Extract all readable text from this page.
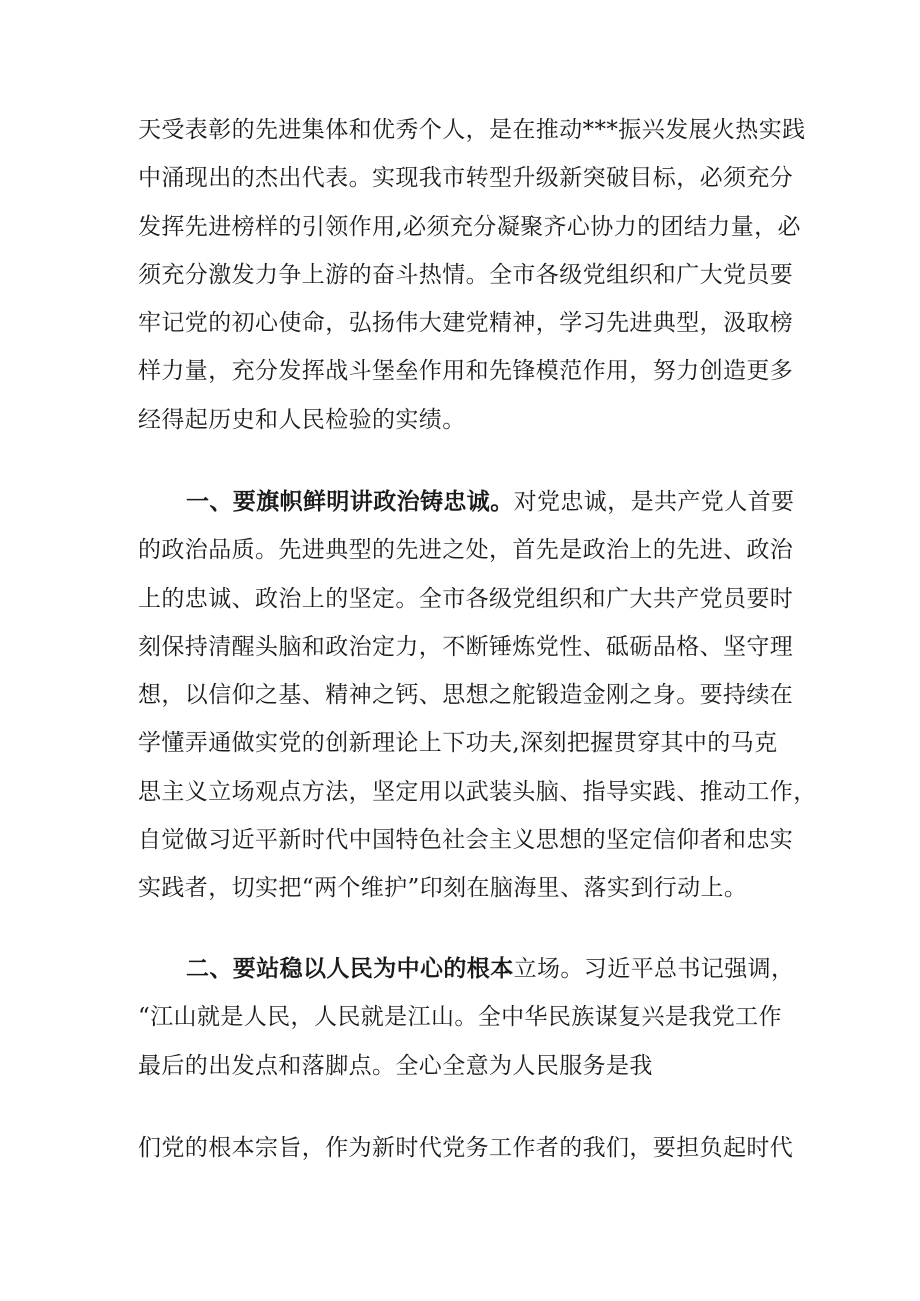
天受表彰的先进集体和优秀个人，是在推动***振兴发展火热实践
中涌现出的杰出代表。实现我市转型升级新突破目标，必须充分
发挥先进榜样的引领作用,必须充分凝聚齐心协力的团结力量，必
须充分激发力争上游的奋斗热情。全市各级党组织和广大党员要
牢记党的初心使命，弘扬伟大建党精神，学习先进典型，汲取榜
样力量，充分发挥战斗堡垒作用和先锋模范作用，努力创造更多
经得起历史和人民检验的实绩。
一、要旗帜鲜明讲政治铸忠诚。对党忠诚，是共产党人首要
的政治品质。先进典型的先进之处，首先是政治上的先进、政治
上的忠诚、政治上的坚定。全市各级党组织和广大共产党员要时
刻保持清醒头脑和政治定力，不断锤炼党性、砥砺品格、坚守理
想，以信仰之基、精神之钙、思想之舵锻造金刚之身。要持续在
学懂弄通做实党的创新理论上下功夫,深刻把握贯穿其中的马克
思主义立场观点方法，坚定用以武装头脑、指导实践、推动工作，
自觉做习近平新时代中国特色社会主义思想的坚定信仰者和忠实
实践者，切实把“两个维护”印刻在脑海里、落实到行动上。
二、要站稳以人民为中心的根本立场。习近平总书记强调，
“江山就是人民，人民就是江山。全中华民族谋复兴是我党工作
最后的出发点和落脚点。全心全意为人民服务是我
们党的根本宗旨，作为新时代党务工作者的我们，要担负起时代
